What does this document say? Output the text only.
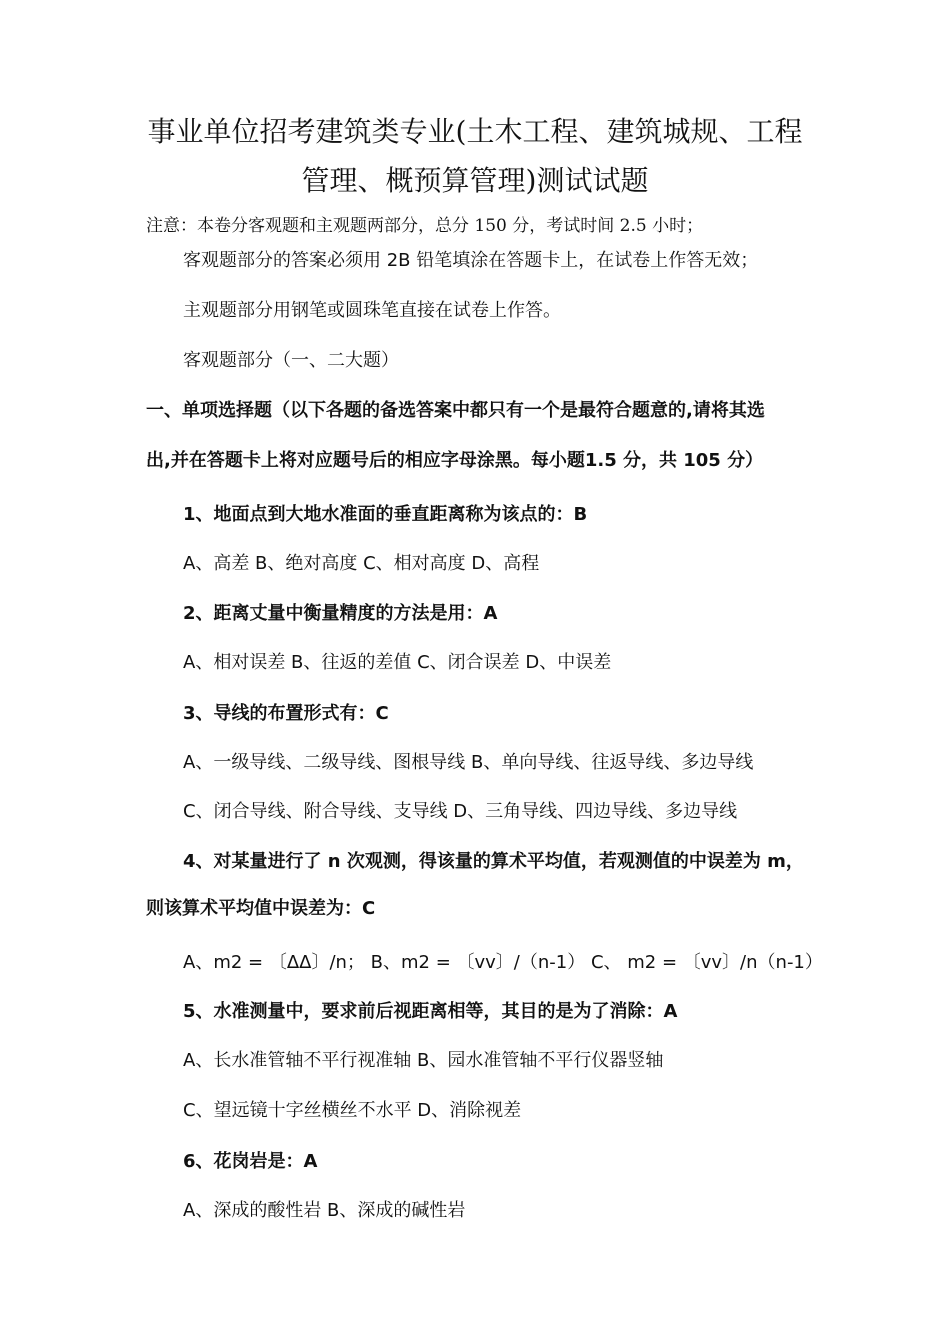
事业单位招考建筑类专业(土木工程、建筑城规、工程
管理、概预算管理)测试试题
注意：本卷分客观题和主观题两部分，总分 150 分，考试时间 2.5 小时；
客观题部分的答案必须用 2B 铅笔填涂在答题卡上，在试卷上作答无效；
主观题部分用钢笔或圆珠笔直接在试卷上作答。
客观题部分（一、二大题）
一、单项选择题（以下各题的备选答案中都只有一个是最符合题意的,请将其选
出,并在答题卡上将对应题号后的相应字母涂黑。每小题1.5 分，共 105 分）
1、地面点到大地水准面的垂直距离称为该点的：B
A、高差 B、绝对高度 C、相对高度 D、高程
2、距离丈量中衡量精度的方法是用：A
A、相对误差 B、往返的差值 C、闭合误差 D、中误差
3、导线的布置形式有：C
A、一级导线、二级导线、图根导线 B、单向导线、往返导线、多边导线
C、闭合导线、附合导线、支导线 D、三角导线、四边导线、多边导线
4、对某量进行了 n 次观测，得该量的算术平均值，若观测值的中误差为 m，
则该算术平均值中误差为：C
A、m2 = 〔ΔΔ〕/n； B、m2 = 〔vv〕/（n-1） C、 m2 = 〔vv〕/n（n-1）
5、水准测量中，要求前后视距离相等，其目的是为了消除：A
A、长水准管轴不平行视准轴 B、园水准管轴不平行仪器竖轴
C、望远镜十字丝横丝不水平 D、消除视差
6、花岗岩是：A
A、深成的酸性岩 B、深成的碱性岩
